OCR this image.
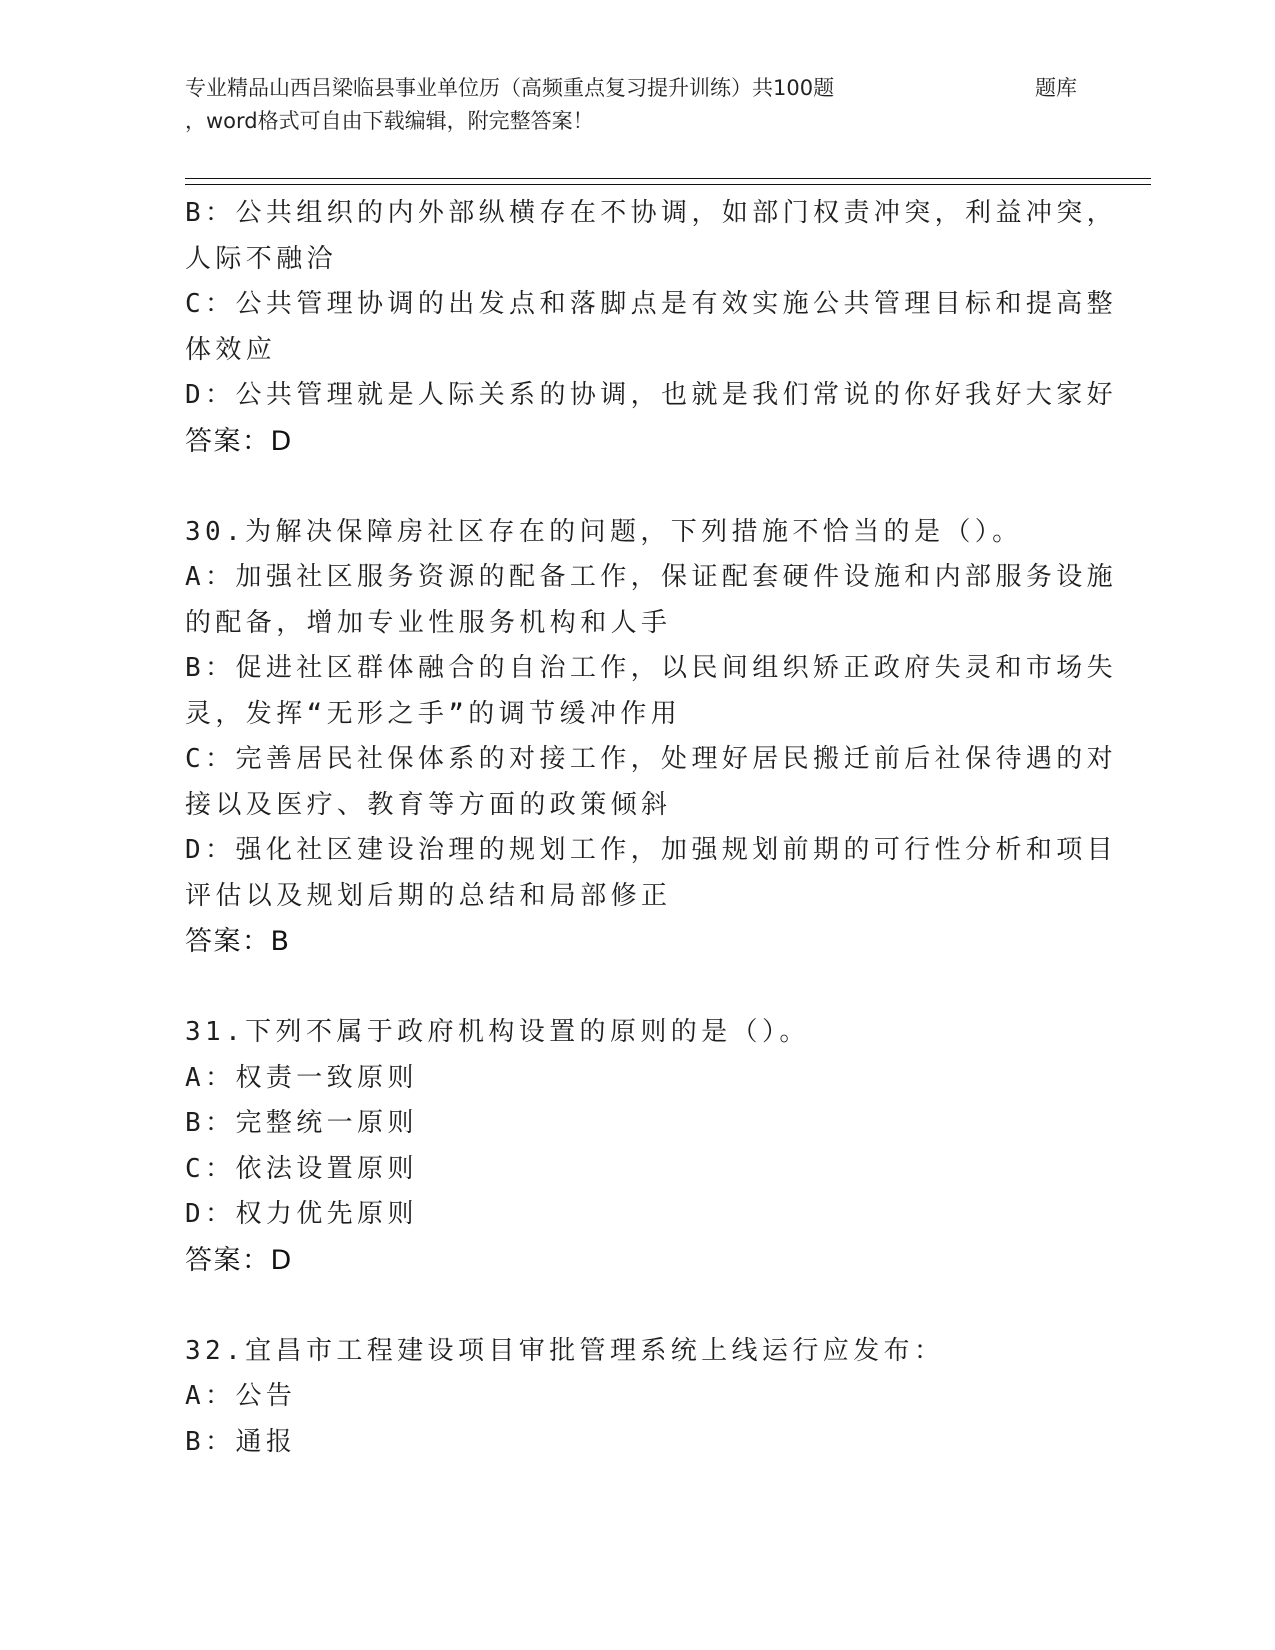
专业精品山西吕梁临县事业单位历（高频重点复习提升训练）共100题	题库
，word格式可自由下载编辑，附完整答案！
B：公共组织的内外部纵横存在不协调，如部门权责冲突，利益冲突，
人际不融洽
C：公共管理协调的出发点和落脚点是有效实施公共管理目标和提高整
体效应
D：公共管理就是人际关系的协调，也就是我们常说的你好我好大家好
答案：D
30.为解决保障房社区存在的问题，下列措施不恰当的是（）。
A：加强社区服务资源的配备工作，保证配套硬件设施和内部服务设施
的配备，增加专业性服务机构和人手
B：促进社区群体融合的自治工作，以民间组织矫正政府失灵和市场失
灵，发挥“无形之手”的调节缓冲作用
C：完善居民社保体系的对接工作，处理好居民搬迁前后社保待遇的对
接以及医疗、教育等方面的政策倾斜
D：强化社区建设治理的规划工作，加强规划前期的可行性分析和项目
评估以及规划后期的总结和局部修正
答案：B
31.下列不属于政府机构设置的原则的是（）。
A：权责一致原则
B：完整统一原则
C：依法设置原则
D：权力优先原则
答案：D
32.宜昌市工程建设项目审批管理系统上线运行应发布：
A：公告
B：通报
